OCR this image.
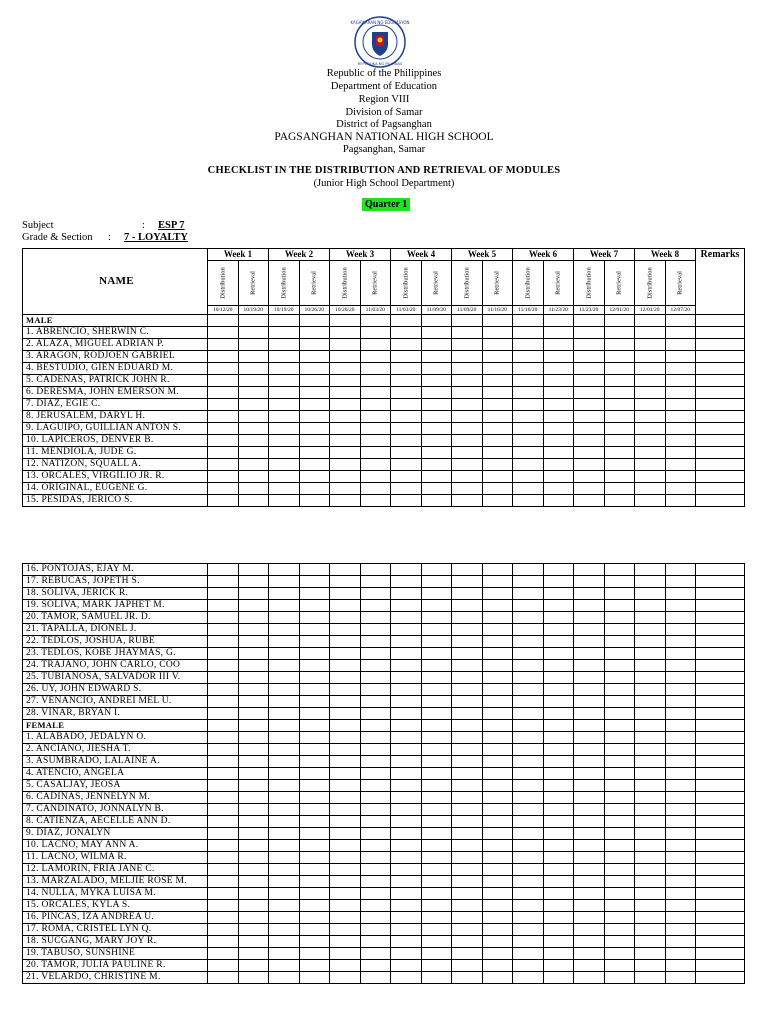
KAGAWARAN NG EDUKASYON
REPUBLIKA NG PILIPINAS
Republic of the Philippines
Department of Education
Region VIII
Division of Samar
District of Pagsanghan
PAGSANGHAN NATIONAL HIGH SCHOOL
Pagsanghan, Samar
CHECKLIST IN THE DISTRIBUTION AND RETRIEVAL OF MODULES
(Junior High School Department)
Quarter 1
Subject	: ESP 7
Grade & Section : 7 - LOYALTY
NAME	Week 1		Week 2		Week 3		Week 4		Week 5		Week 6		Week 7		Week 8		Remarks

	Distribution	Retrieval	Distribution	Retrieval	Distribution	Retrieval	Distribution	Retrieval	Distribution	Retrieval	Distribution	Retrieval	Distribution	Retrieval	Distribution	Retrieval	

	10/12/20	10/19/20	10/19/20	10/26/20	10/26/20	11/03/20	11/03/20	11/09/20	11/09/20	11/16/20	11/16/20	11/23/20	11/23/20	12/01/20	12/01/20	12/07/20	
MALE																	
1. ABRENCIO, SHERWIN C.																	
2. ALAZA, MIGUEL ADRIAN P.																	
3. ARAGON, RODJOEN GABRIEL																	
4. BESTUDIO, GIEN EDUARD M.																	
5. CADENAS, PATRICK JOHN R.																	
6. DERESMA, JOHN EMERSON M.																	
7. DIAZ, EGIE C.																	
8. JERUSALEM, DARYL H.																	
9. LAGUIPO, GUILLIAN ANTON S.																	
10. LAPICEROS, DENVER B.																	
11. MENDIOLA, JUDE G.																	
12. NATIZON, SQUALL A.																	
13. ORCALES, VIRGILIO JR. R.																	
14. ORIGINAL, EUGENE G.																	
15. PESIDAS, JERICO S.																	
16. PONTOJAS, EJAY M.																	
17. REBUCAS, JOPETH S.																	
18. SOLIVA, JERICK R.																	
19. SOLIVA, MARK JAPHET M.																	
20. TAMOR, SAMUEL JR. D.																	
21. TAPALLA, DIONEL J.																	
22. TEDLOS, JOSHUA, RUBE																	
23. TEDLOS, KOBE JHAYMAS, G.																	
24. TRAJANO, JOHN CARLO, COO																	
25. TUBIANOSA, SALVADOR III V.																	
26. UY, JOHN EDWARD S.																	
27. VENANCIO, ANDREI MEL U.																	
28. VINAR, BRYAN I.																	
FEMALE																	
1. ALABADO, JEDALYN O.																	
2. ANCIANO, JIESHA T.																	
3. ASUMBRADO, LALAINE A.																	
4. ATENCIO, ANGELA																	
5. CASALJAY, JEOSA																	
6. CADINAS, JENNELYN M.																	
7. CANDINATO, JONNALYN B.																	
8. CATIENZA, AECELLE ANN D.																	
9. DIAZ, JONALYN																	
10. LACNO, MAY ANN A.																	
11. LACNO, WILMA R.																	
12. LAMORIN, FRIA JANE C.																	
13. MARZALADO, MELJIE ROSE M.																	
14. NULLA, MYKA LUISA M.																	
15. ORCALES, KYLA S.																	
16. PINCAS, IZA ANDREA U.																	
17. ROMA, CRISTEL LYN Q.																	
18. SUCGANG, MARY JOY R.																	
19. TABUSO, SUNSHINE																	
20. TAMOR, JULIA PAULINE R.																	
21. VELARDO, CHRISTINE M.																	
